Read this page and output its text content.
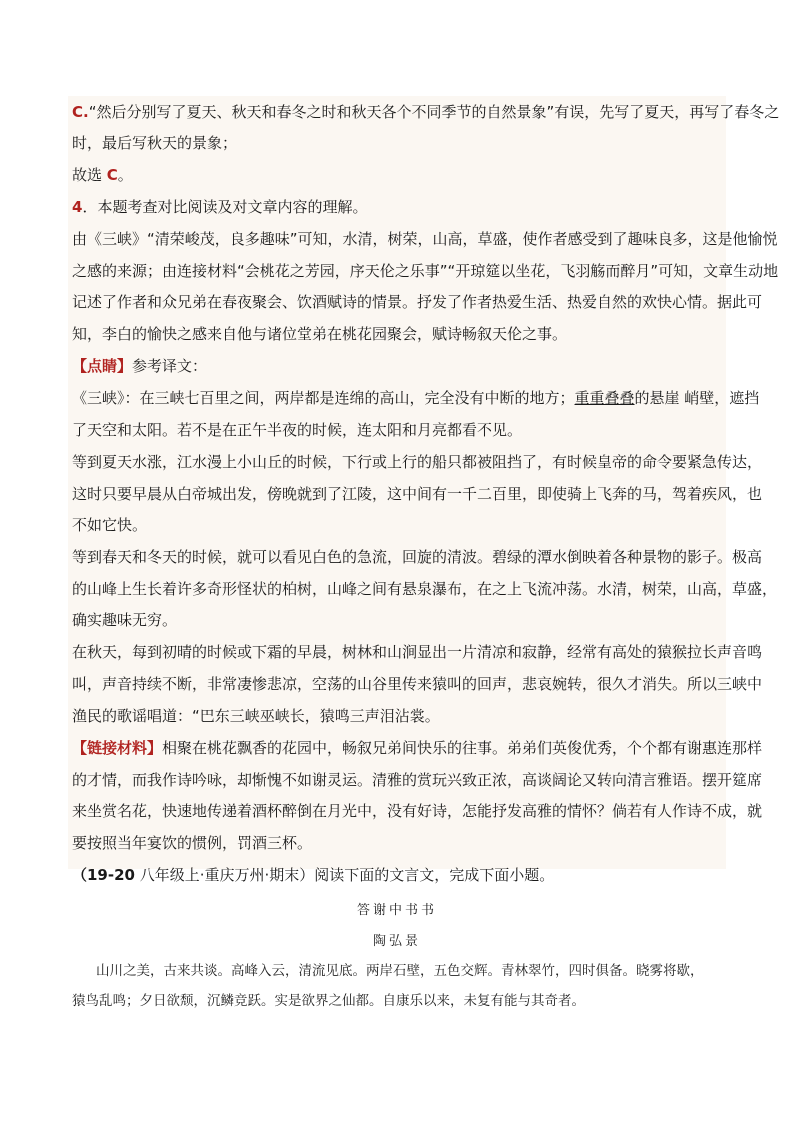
C.“然后分别写了夏天、秋天和春冬之时和秋天各个不同季节的自然景象”有误，先写了夏天，再写了春冬之
时，最后写秋天的景象；
故选 C。
4．本题考查对比阅读及对文章内容的理解。
由《三峡》“清荣峻茂，良多趣味”可知，水清，树荣，山高，草盛，使作者感受到了趣味良多，这是他愉悦
之感的来源；由连接材料“会桃花之芳园，序天伦之乐事”“开琼筵以坐花，飞羽觞而醉月”可知，文章生动地
记述了作者和众兄弟在春夜聚会、饮酒赋诗的情景。抒发了作者热爱生活、热爱自然的欢快心情。据此可
知，李白的愉快之感来自他与诸位堂弟在桃花园聚会，赋诗畅叙天伦之事。
【点睛】参考译文：
《三峡》：在三峡七百里之间，两岸都是连绵的高山，完全没有中断的地方；重重叠叠的悬崖 峭壁，遮挡
了天空和太阳。若不是在正午半夜的时候，连太阳和月亮都看不见。
等到夏天水涨，江水漫上小山丘的时候，下行或上行的船只都被阻挡了，有时候皇帝的命令要紧急传达，
这时只要早晨从白帝城出发，傍晚就到了江陵，这中间有一千二百里，即使骑上飞奔的马，驾着疾风，也
不如它快。
等到春天和冬天的时候，就可以看见白色的急流，回旋的清波。碧绿的潭水倒映着各种景物的影子。极高
的山峰上生长着许多奇形怪状的柏树，山峰之间有悬泉瀑布，在之上飞流冲荡。水清，树荣，山高，草盛，
确实趣味无穷。
在秋天，每到初晴的时候或下霜的早晨，树林和山涧显出一片清凉和寂静，经常有高处的猿猴拉长声音鸣
叫，声音持续不断，非常凄惨悲凉，空荡的山谷里传来猿叫的回声，悲哀婉转，很久才消失。所以三峡中
渔民的歌谣唱道：“巴东三峡巫峡长，猿鸣三声泪沾裳。
【链接材料】相聚在桃花飘香的花园中，畅叙兄弟间快乐的往事。弟弟们英俊优秀，个个都有谢惠连那样
的才情，而我作诗吟咏，却惭愧不如谢灵运。清雅的赏玩兴致正浓，高谈阔论又转向清言雅语。摆开筵席
来坐赏名花，快速地传递着酒杯醉倒在月光中，没有好诗，怎能抒发高雅的情怀？倘若有人作诗不成，就
要按照当年宴饮的惯例，罚酒三杯。
（19-20 八年级上·重庆万州·期末）阅读下面的文言文，完成下面小题。
答谢中书书
陶弘景
山川之美，古来共谈。高峰入云，清流见底。两岸石壁，五色交辉。青林翠竹，四时俱备。晓雾将歇，
猿鸟乱鸣；夕日欲颓，沉鳞竞跃。实是欲界之仙都。自康乐以来，未复有能与其奇者。
